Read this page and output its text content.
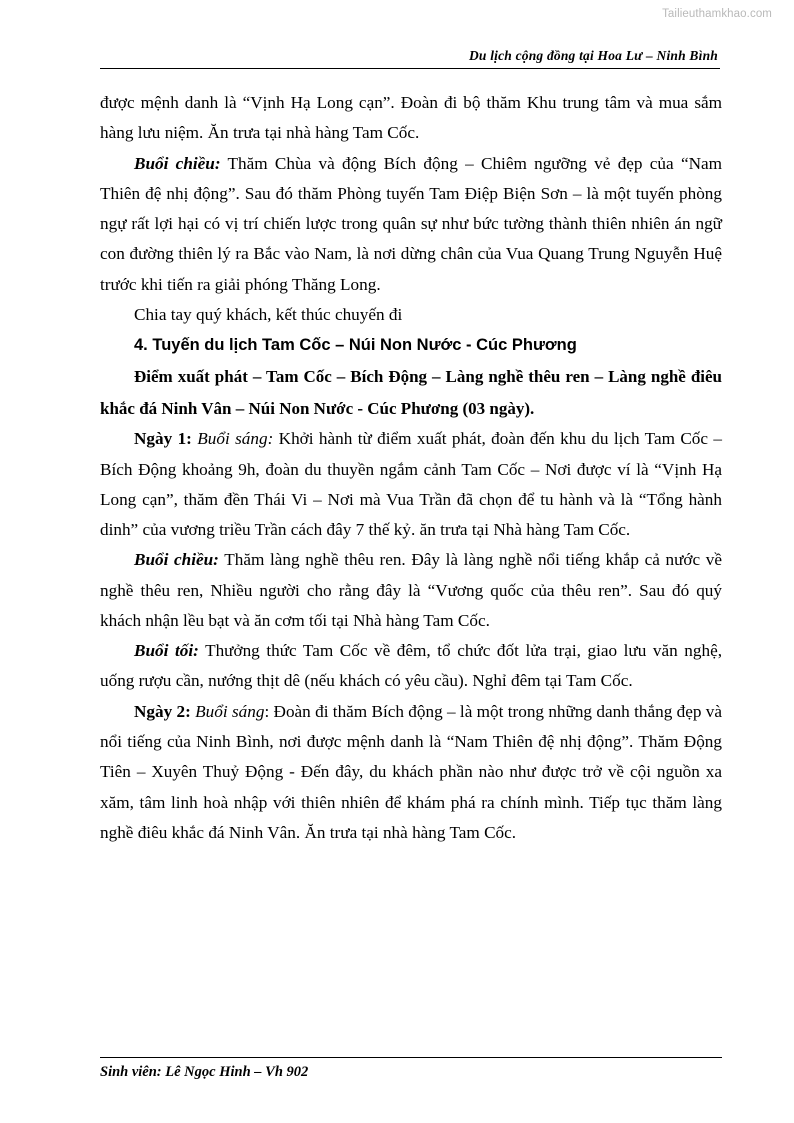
Tailieuthamkhao.com
Du lịch cộng đồng tại Hoa Lư – Ninh Bình

được mệnh danh là “Vịnh Hạ Long cạn”. Đoàn đi bộ thăm Khu trung tâm và mua sắm hàng lưu niệm. Ăn trưa tại nhà hàng Tam Cốc.

Buổi chiều: Thăm Chùa và động Bích động – Chiêm ngưỡng vẻ đẹp của “Nam Thiên đệ nhị động”. Sau đó thăm Phòng tuyến Tam Điệp Biện Sơn – là một tuyến phòng ngự rất lợi hại có vị trí chiến lược trong quân sự như bức tường thành thiên nhiên án ngữ con đường thiên lý ra Bắc vào Nam, là nơi dừng chân của Vua Quang Trung Nguyễn Huệ trước khi tiến ra giải phóng Thăng Long.

Chia tay quý khách, kết thúc chuyến đi

4. Tuyến du lịch Tam Cốc – Núi Non Nước - Cúc Phương

Điểm xuất phát – Tam Cốc – Bích Động – Làng nghề thêu ren – Làng nghề điêu khắc đá Ninh Vân – Núi Non Nước - Cúc Phương (03 ngày).

Ngày 1: Buổi sáng: Khởi hành từ điểm xuất phát, đoàn đến khu du lịch Tam Cốc – Bích Động khoảng 9h, đoàn du thuyền ngắm cảnh Tam Cốc – Nơi được ví là “Vịnh Hạ Long cạn”, thăm đền Thái Vi – Nơi mà Vua Trần đã chọn để tu hành và là “Tổng hành dinh” của vương triều Trần cách đây 7 thế kỷ. ăn trưa tại Nhà hàng Tam Cốc.

Buổi chiều: Thăm làng nghề thêu ren. Đây là làng nghề nổi tiếng khắp cả nước về nghề thêu ren, Nhiều người cho rằng đây là “Vương quốc của thêu ren”. Sau đó quý khách nhận lều bạt và ăn cơm tối tại Nhà hàng Tam Cốc.

Buổi tối: Thưởng thức Tam Cốc về đêm, tổ chức đốt lửa trại, giao lưu văn nghệ, uống rượu cần, nướng thịt dê (nếu khách có yêu cầu). Nghỉ đêm tại Tam Cốc.

Ngày 2: Buổi sáng: Đoàn đi thăm Bích động – là một trong những danh thắng đẹp và nổi tiếng của Ninh Bình, nơi được mệnh danh là “Nam Thiên đệ nhị động”. Thăm Động Tiên – Xuyên Thuỷ Động - Đến đây, du khách phần nào như được trở về cội nguồn xa xăm, tâm linh hoà nhập với thiên nhiên để khám phá ra chính mình. Tiếp tục thăm làng nghề điêu khắc đá Ninh Vân. Ăn trưa tại nhà hàng Tam Cốc.

Sinh viên: Lê Ngọc Hinh – Vh 902
